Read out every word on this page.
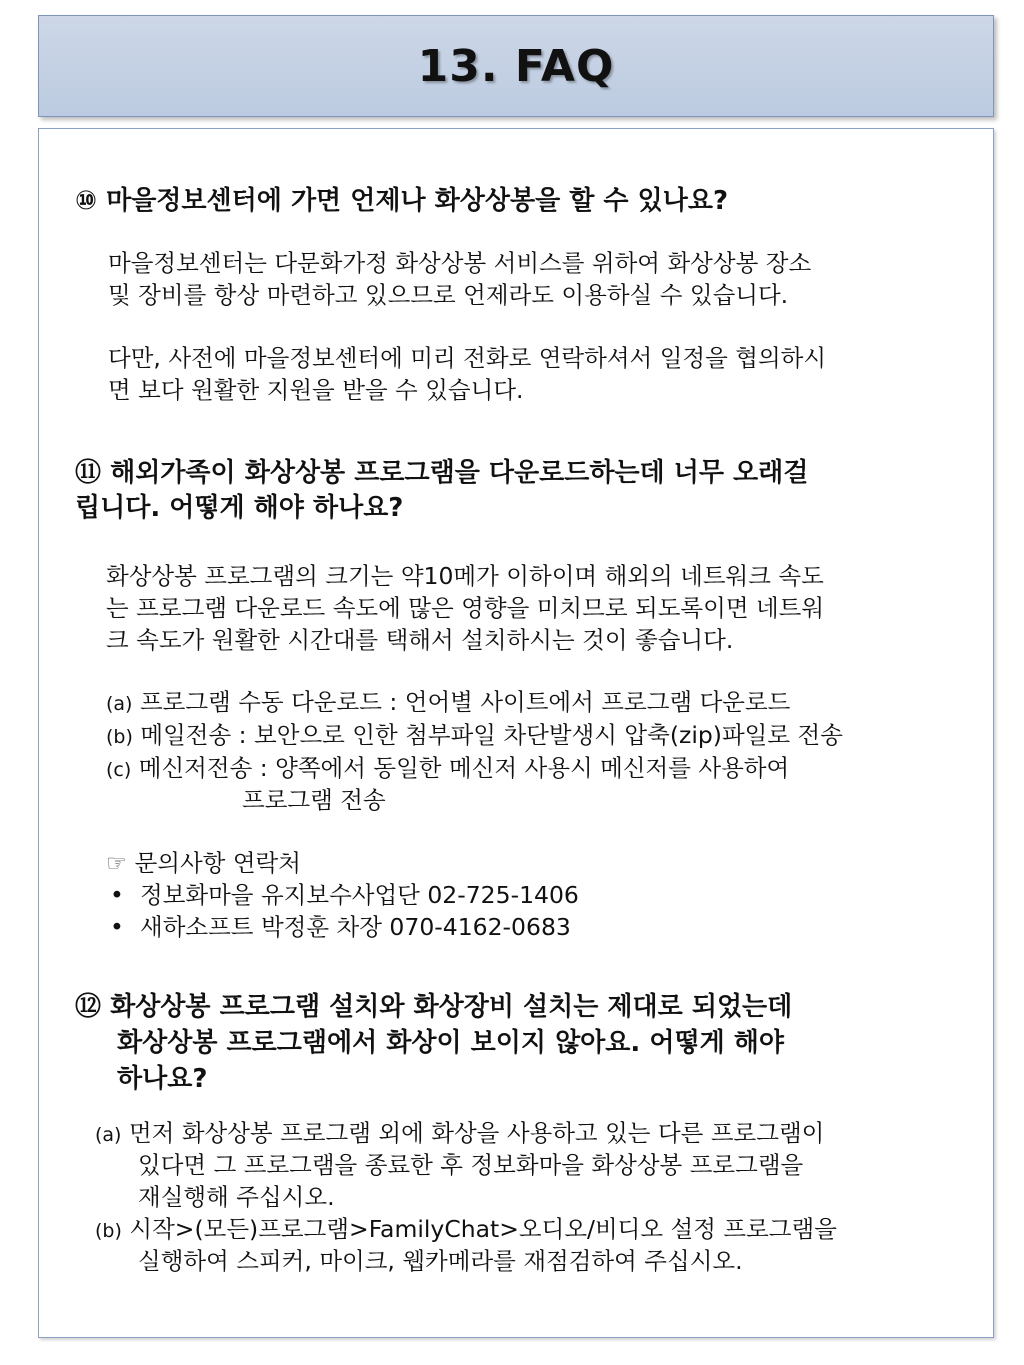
13. FAQ
⑩ 마을정보센터에 가면 언제나 화상상봉을 할 수 있나요?
마을정보센터는 다문화가정 화상상봉 서비스를 위하여 화상상봉 장소
및 장비를 항상 마련하고 있으므로 언제라도 이용하실 수 있습니다.
다만, 사전에 마을정보센터에 미리 전화로 연락하셔서 일정을 협의하시
면 보다 원활한 지원을 받을 수 있습니다.
⑪ 해외가족이 화상상봉 프로그램을 다운로드하는데 너무 오래걸
립니다. 어떻게 해야 하나요?
화상상봉 프로그램의 크기는 약10메가 이하이며 해외의 네트워크 속도
는 프로그램 다운로드 속도에 많은 영향을 미치므로 되도록이면 네트워
크 속도가 원활한 시간대를 택해서 설치하시는 것이 좋습니다.
(a) 프로그램 수동 다운로드 : 언어별 사이트에서 프로그램 다운로드
(b) 메일전송 : 보안으로 인한 첨부파일 차단발생시 압축(zip)파일로 전송
(c) 메신저전송 : 양쪽에서 동일한 메신저 사용시 메신저를 사용하여
프로그램 전송
☞ 문의사항 연락처
• 정보화마을 유지보수사업단 02-725-1406
• 새하소프트 박정훈 차장 070-4162-0683
⑫ 화상상봉 프로그램 설치와 화상장비 설치는 제대로 되었는데
화상상봉 프로그램에서 화상이 보이지 않아요. 어떻게 해야
하나요?
(a) 먼저 화상상봉 프로그램 외에 화상을 사용하고 있는 다른 프로그램이
있다면 그 프로그램을 종료한 후 정보화마을 화상상봉 프로그램을
재실행해 주십시오.
(b) 시작>(모든)프로그램>FamilyChat>오디오/비디오 설정 프로그램을
실행하여 스피커, 마이크, 웹카메라를 재점검하여 주십시오.
